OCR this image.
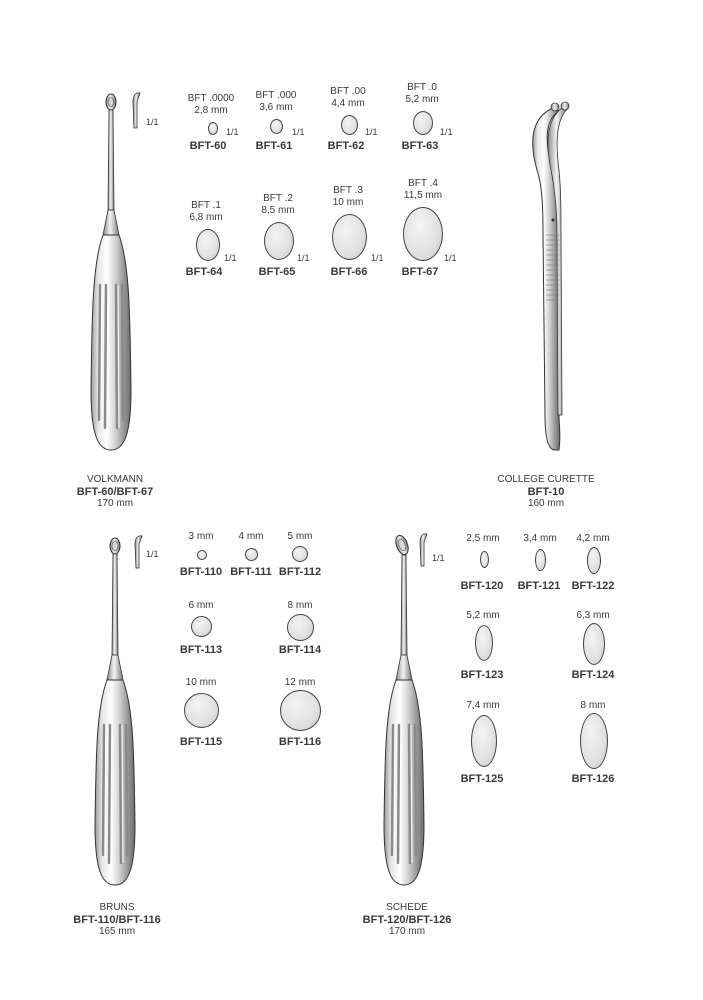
1/1
BFT .0000
2,8 mm
1/1
BFT-60
BFT .000
3,6 mm
1/1
BFT-61
BFT .00
4,4 mm
1/1
BFT-62
BFT .0
5,2 mm
1/1
BFT-63
BFT .1
6,8 mm
1/1
BFT-64
BFT .2
8,5 mm
1/1
BFT-65
BFT .3
10 mm
1/1
BFT-66
BFT .4
11,5 mm
1/1
BFT-67
VOLKMANN
BFT-60/BFT-67
170 mm
COLLEGE CURETTE
BFT-10
160 mm
1/1
3 mm
BFT-110
4 mm
BFT-111
5 mm
BFT-112
6 mm
BFT-113
8 mm
BFT-114
10 mm
BFT-115
12 mm
BFT-116
BRUNS
BFT-110/BFT-116
165 mm
1/1
2,5 mm
BFT-120
3,4 mm
BFT-121
4,2 mm
BFT-122
5,2 mm
BFT-123
6,3 mm
BFT-124
7,4 mm
BFT-125
8 mm
BFT-126
SCHEDE
BFT-120/BFT-126
170 mm
